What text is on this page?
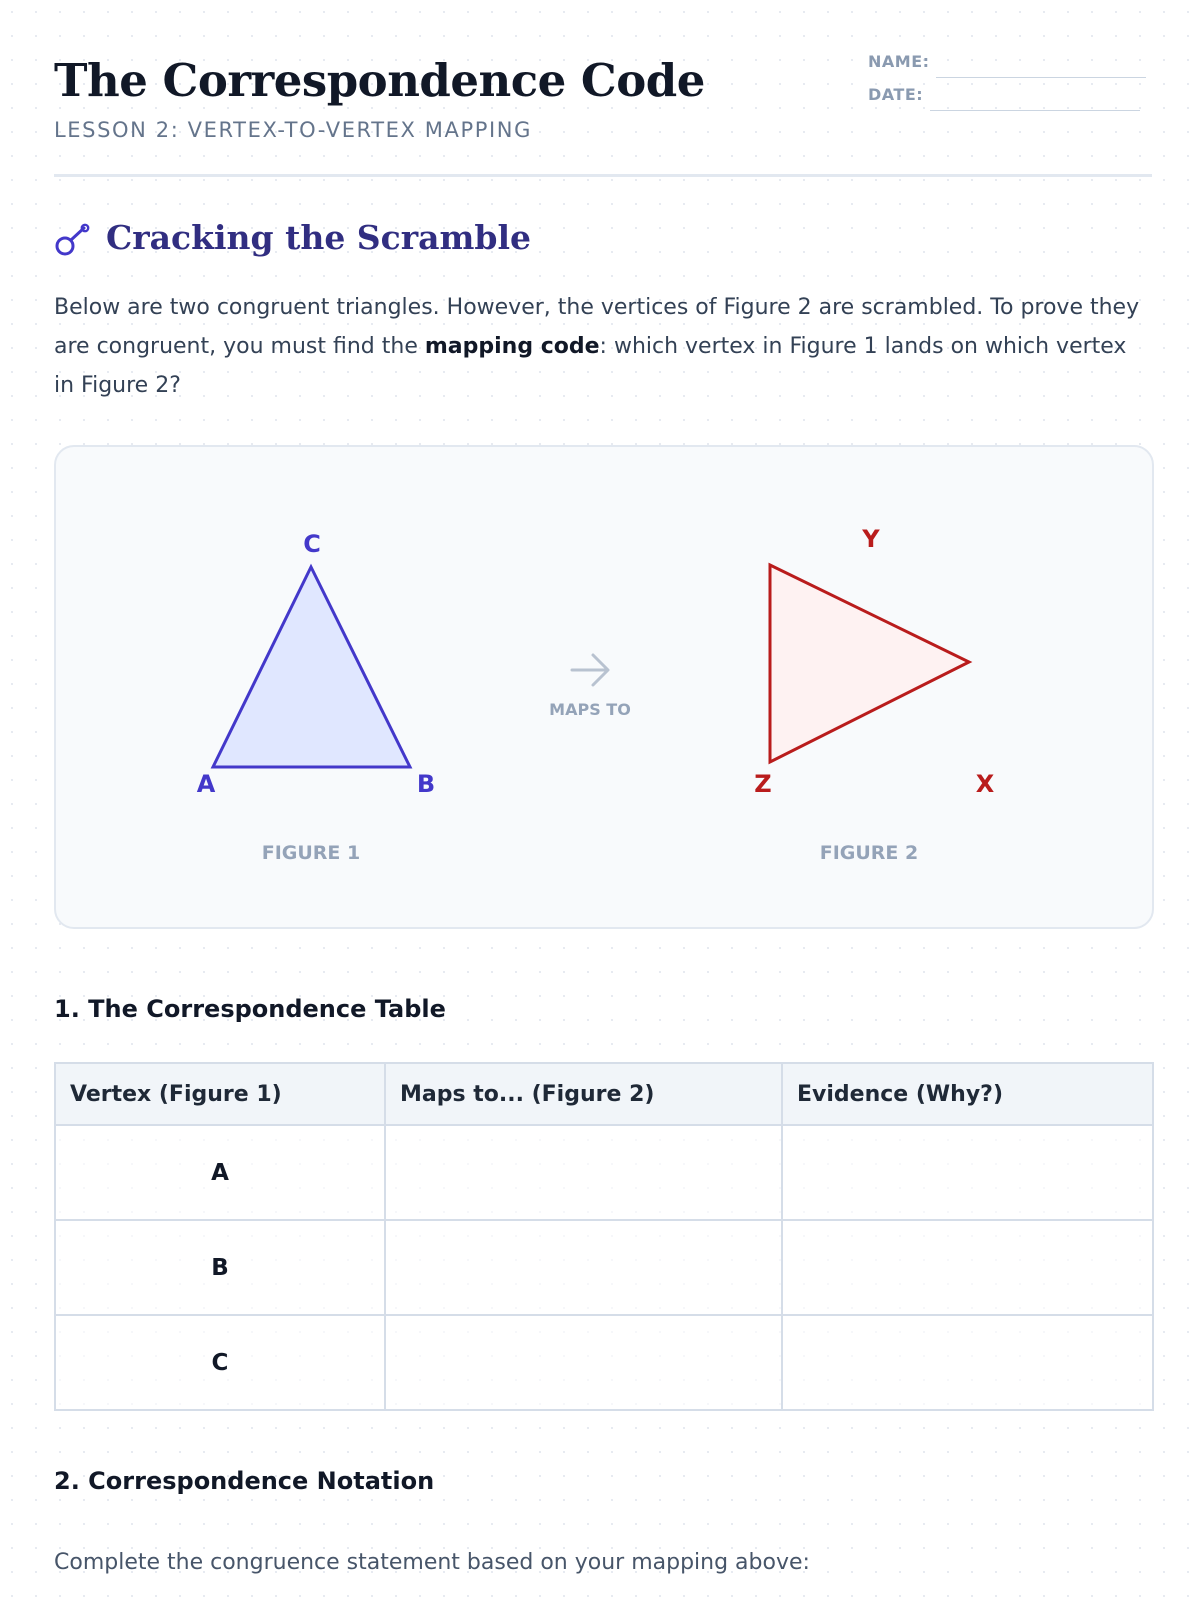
The Correspondence Code
LESSON 2: VERTEX-TO-VERTEX MAPPING
NAME:
DATE:
Cracking the Scramble

Below are two congruent triangles. However, the vertices of Figure 2 are scrambled. To prove they are congruent, you must find the mapping code: which vertex in Figure 1 lands on which vertex in Figure 2?

C
A	B
FIGURE 1
MAPS TO
Y
Z	X
FIGURE 2
1. The Correspondence Table
Vertex (Figure 1)	Maps to... (Figure 2)	Evidence (Why?)
A		
B		
C		
2. Correspondence Notation
Complete the congruence statement based on your mapping above:
